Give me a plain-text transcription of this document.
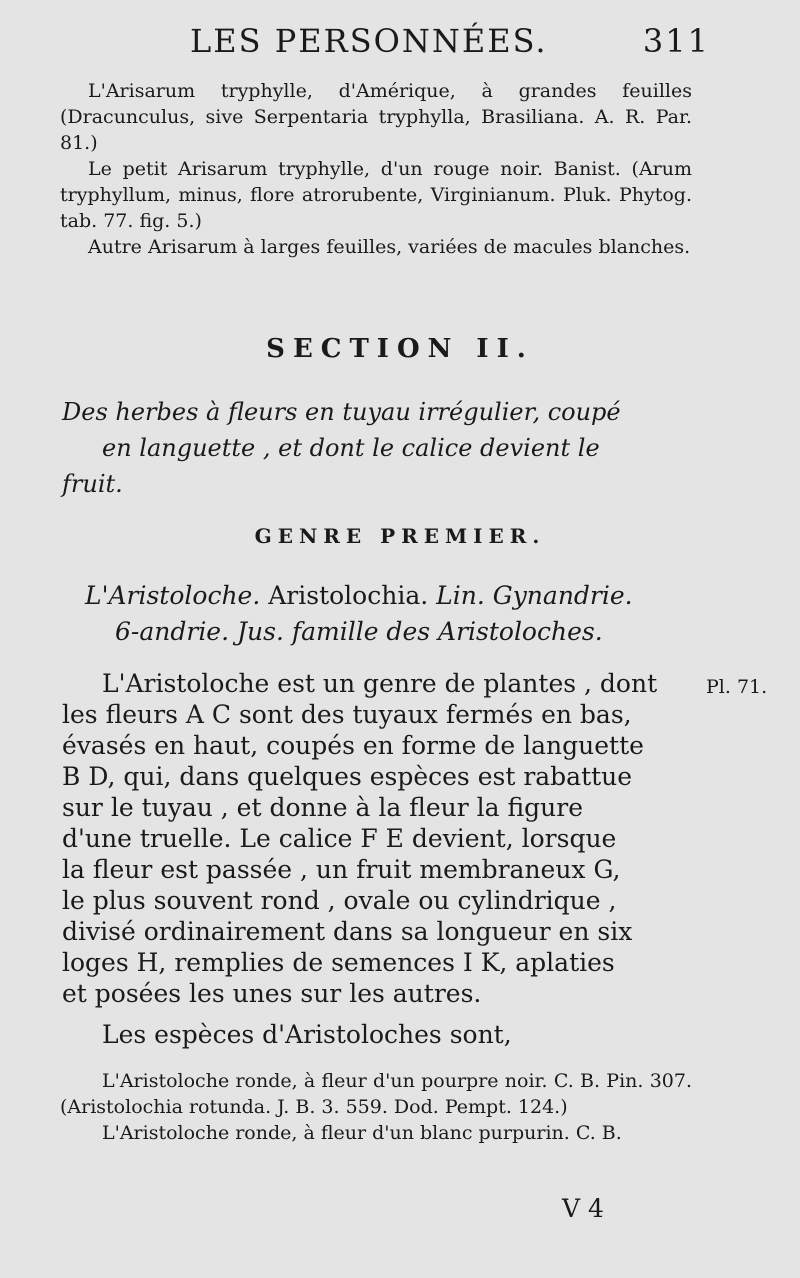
LES PERSONNÉES.	311

L'Arisarum tryphylle, d'Amérique, à grandes feuilles (Dracunculus, sive Serpentaria tryphylla, Brasiliana. A. R. Par. 81.)

Le petit Arisarum tryphylle, d'un rouge noir. Banist. (Arum tryphyllum, minus, flore atrorubente, Virginianum. Pluk. Phytog. tab. 77. fig. 5.)

Autre Arisarum à larges feuilles, variées de macules blanches.

SECTION II.
Des herbes à fleurs en tuyau irrégulier, coupé
en languette , et dont le calice devient le
fruit.
GENRE PREMIER.
L'Aristoloche. Aristolochia. Lin. Gynandrie.
6-andrie. Jus. famille des Aristoloches.
L'Aristoloche est un genre de plantes , dont
les fleurs A C sont des tuyaux fermés en bas,
évasés en haut, coupés en forme de languette
B D, qui, dans quelques espèces est rabattue
sur le tuyau , et donne à la fleur la figure
d'une truelle. Le calice F E devient, lorsque
la fleur est passée , un fruit membraneux G,
le plus souvent rond , ovale ou cylindrique ,
divisé ordinairement dans sa longueur en six
loges H, remplies de semences I K, aplaties
et posées les unes sur les autres.
Pl. 71.
Les espèces d'Aristoloches sont,

L'Aristoloche ronde, à fleur d'un pourpre noir. C. B. Pin. 307. (Aristolochia rotunda. J. B. 3. 559. Dod. Pempt. 124.)

L'Aristoloche ronde, à fleur d'un blanc purpurin. C. B.

V 4
